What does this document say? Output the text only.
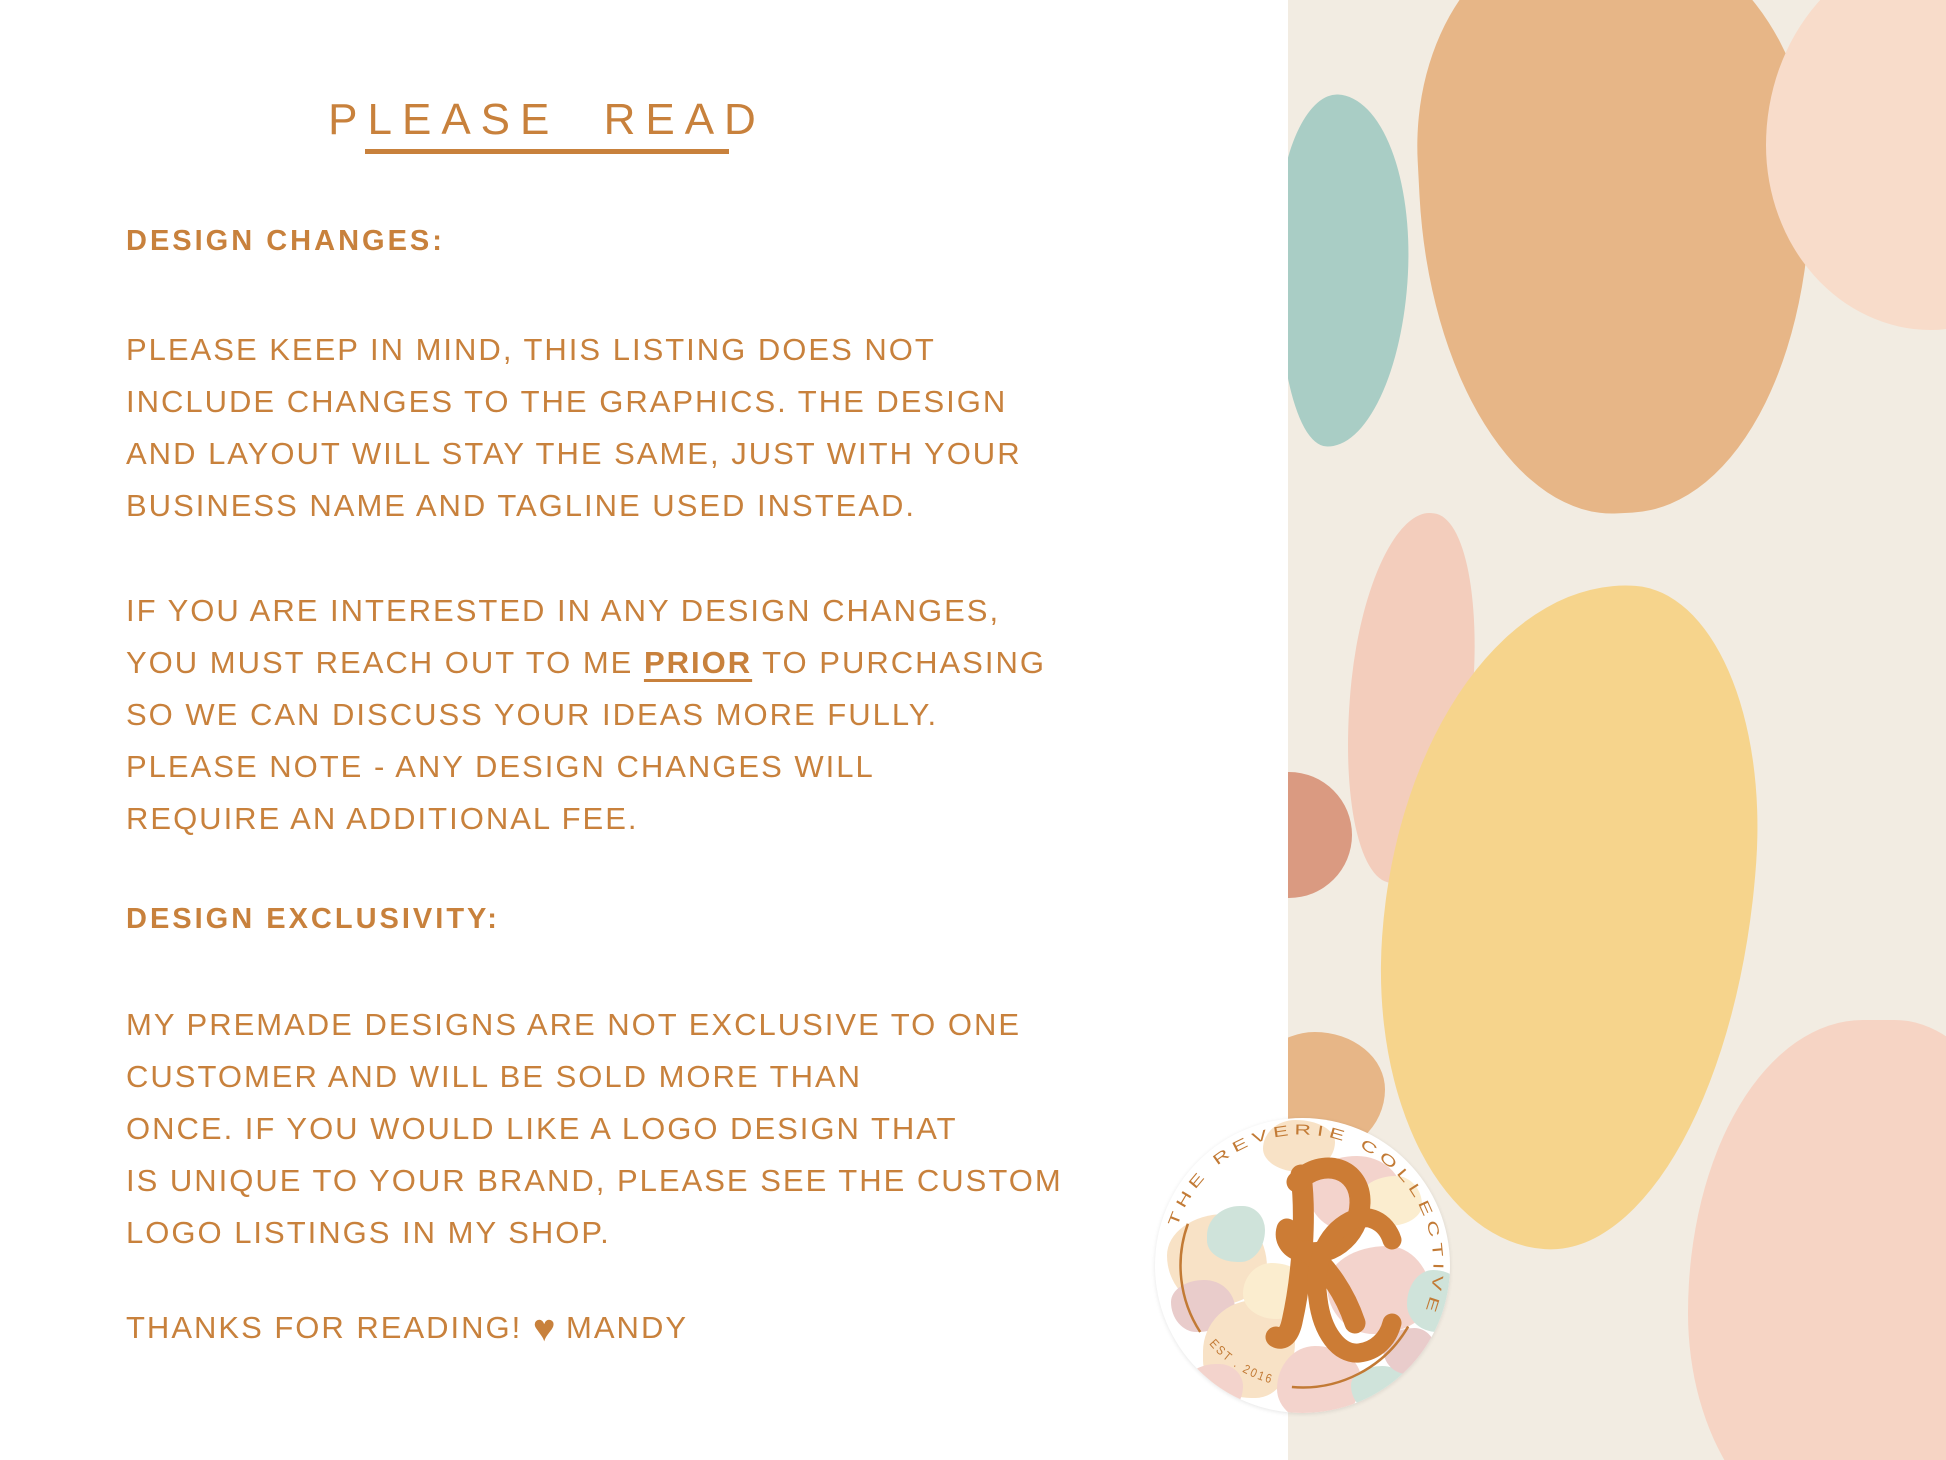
PLEASE READ
DESIGN CHANGES:
PLEASE KEEP IN MIND, THIS LISTING DOES NOT
INCLUDE CHANGES TO THE GRAPHICS. THE DESIGN
AND LAYOUT WILL STAY THE SAME, JUST WITH YOUR
BUSINESS NAME AND TAGLINE USED INSTEAD.
IF YOU ARE INTERESTED IN ANY DESIGN CHANGES,
YOU MUST REACH OUT TO ME PRIOR TO PURCHASING
SO WE CAN DISCUSS YOUR IDEAS MORE FULLY.
PLEASE NOTE - ANY DESIGN CHANGES WILL
REQUIRE AN ADDITIONAL FEE.
DESIGN EXCLUSIVITY:
MY PREMADE DESIGNS ARE NOT EXCLUSIVE TO ONE
CUSTOMER AND WILL BE SOLD MORE THAN
ONCE. IF YOU WOULD LIKE A LOGO DESIGN THAT
IS UNIQUE TO YOUR BRAND, PLEASE SEE THE CUSTOM
LOGO LISTINGS IN MY SHOP.
THANKS FOR READING! ♥ MANDY
THE REVERIE COLLECTIVE
EST . 2016
